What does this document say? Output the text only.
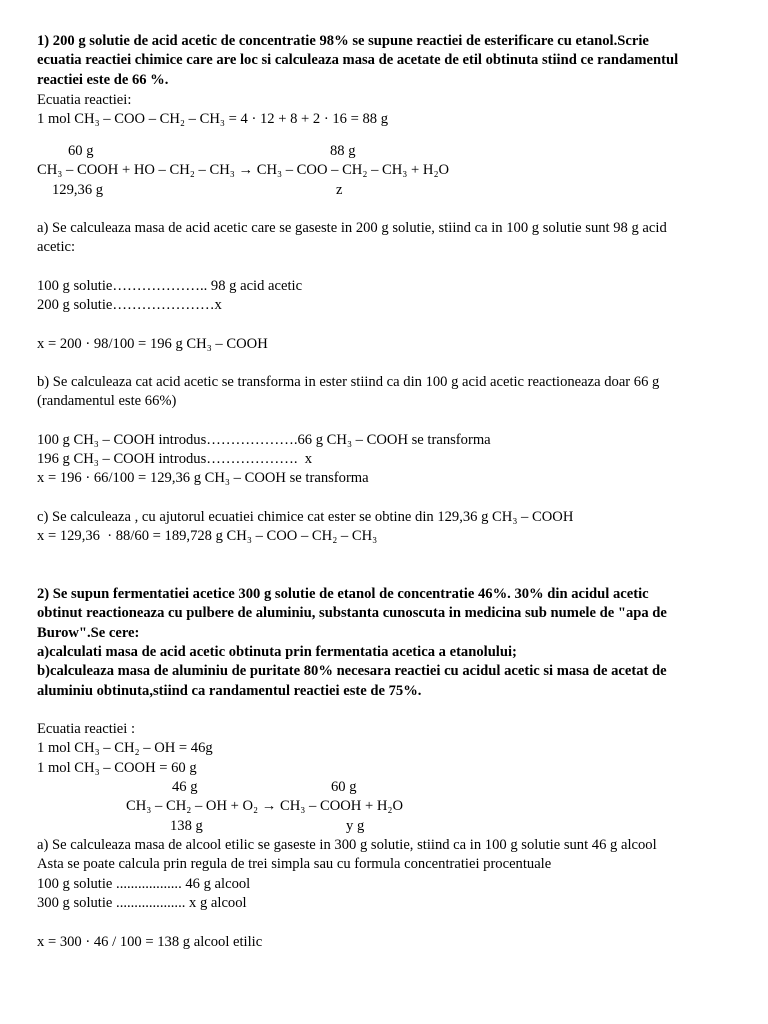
1) 200 g solutie de acid acetic de concentratie 98% se supune reactiei de esterificare cu etanol.Scrie
ecuatia reactiei chimice care are loc si calculeaza masa de acetate de etil obtinuta stiind ce randamentul
reactiei este de 66 %.
Ecuatia reactiei:
1 mol CH₃ – COO – CH₂ – CH₃ = 4 · 12 + 8 + 2 · 16 = 88 g
60 g	88 g
CH₃ – COOH + HO – CH₂ – CH₃ → CH₃ – COO – CH₂ – CH₃ + H₂O
129,36 g	z
a) Se calculeaza masa de acid acetic care se gaseste in 200 g solutie, stiind ca in 100 g solutie sunt 98 g acid
acetic:
100 g solutie……………….. 98 g acid acetic
200 g solutie…………………x
x = 200 · 98/100 = 196 g CH₃ – COOH
b) Se calculeaza cat acid acetic se transforma in ester stiind ca din 100 g acid acetic reactioneaza doar 66 g
(randamentul este 66%)
100 g CH₃ – COOH introdus……………….66 g CH₃ – COOH se transforma
196 g CH₃ – COOH introdus……………….  x
x = 196 · 66/100 = 129,36 g CH₃ – COOH se transforma
c) Se calculeaza , cu ajutorul ecuatiei chimice cat ester se obtine din 129,36 g CH₃ – COOH
x = 129,36  · 88/60 = 189,728 g CH₃ – COO – CH₂ – CH₃
2) Se supun fermentatiei acetice 300 g solutie de etanol de concentratie 46%. 30% din acidul acetic
obtinut reactioneaza cu pulbere de aluminiu, substanta cunoscuta in medicina sub numele de "apa de
Burow".Se cere:
a)calculati masa de acid acetic obtinuta prin fermentatia acetica a etanolului;
b)calculeaza masa de aluminiu de puritate 80% necesara reactiei cu acidul acetic si masa de acetat de
aluminiu obtinuta,stiind ca randamentul reactiei este de 75%.
Ecuatia reactiei :
1 mol CH₃ – CH₂ – OH = 46g
1 mol CH₃ – COOH = 60 g
46 g	60 g
CH₃ – CH₂ – OH + O₂ → CH₃ – COOH + H₂O
138 g	y g
a) Se calculeaza masa de alcool etilic se gaseste in 300 g solutie, stiind ca in 100 g solutie sunt 46 g alcool
Asta se poate calcula prin regula de trei simpla sau cu formula concentratiei procentuale
100 g solutie .................. 46 g alcool
300 g solutie ................... x g alcool
x = 300 · 46 / 100 = 138 g alcool etilic
